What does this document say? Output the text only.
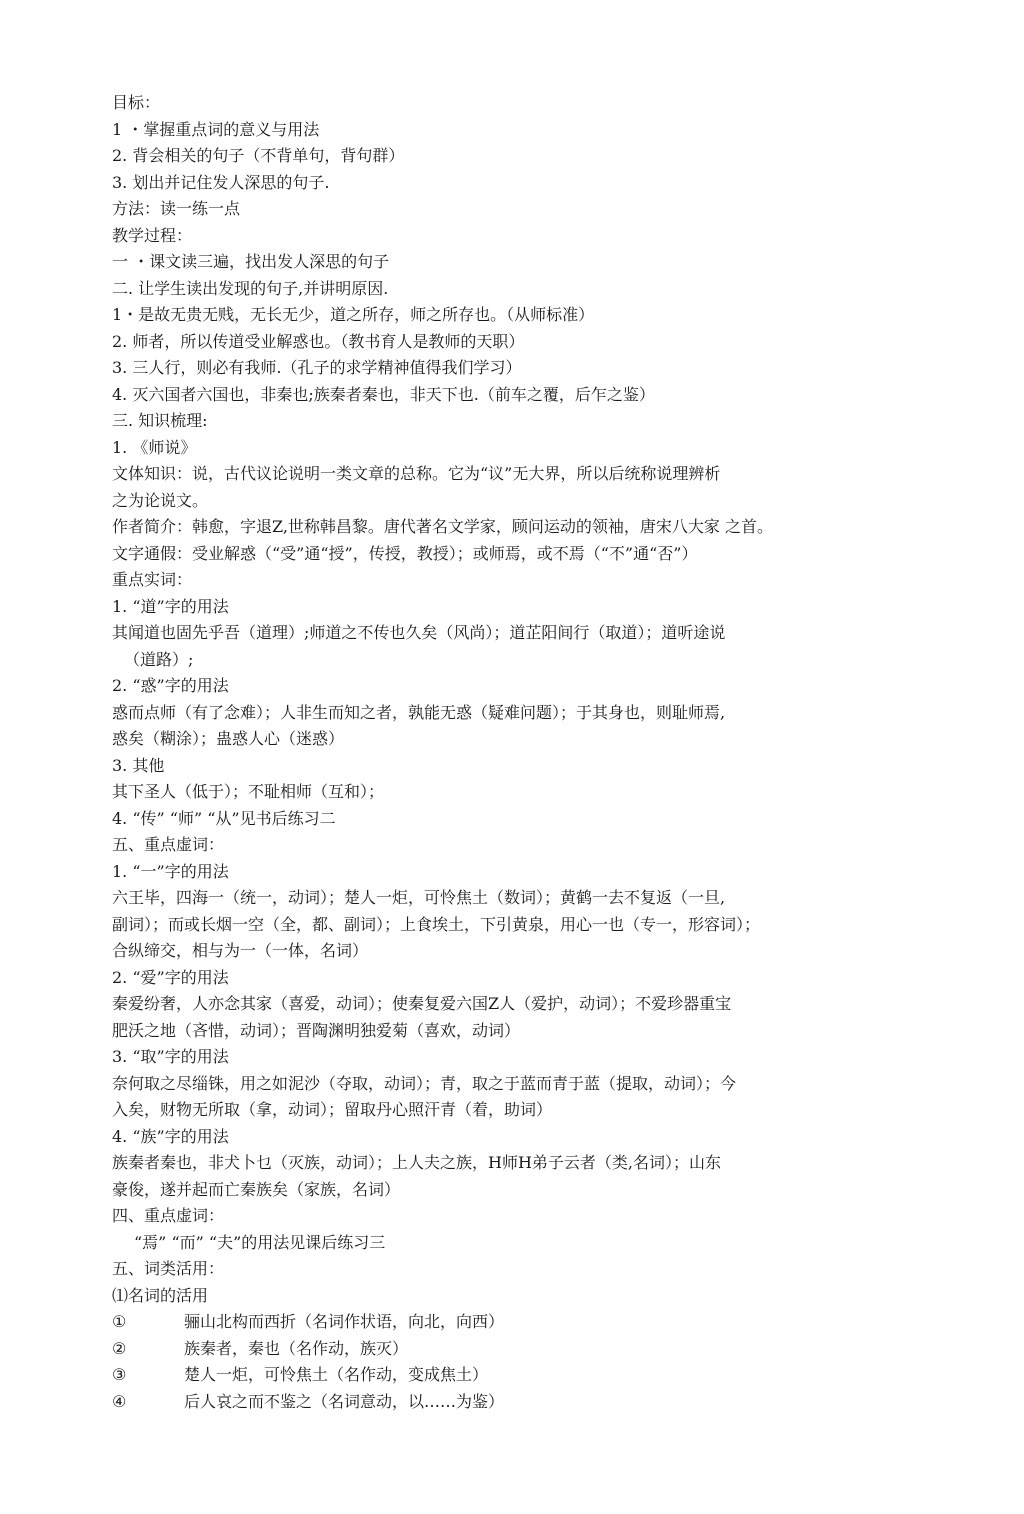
目标：
1 ・掌握重点词的意义与用法
2. 背会相关的句子（不背单句，背句群）
3. 划出并记住发人深思的句子.
方法：读一练一点
教学过程：
一 ・课文读三遍，找出发人深思的句子
二. 让学生读出发现的句子,并讲明原因.
1・是故无贵无贱，无长无少，道之所存，师之所存也。（从师标准）
2. 师者，所以传道受业解惑也。（教书育人是教师的天职）
3. 三人行，则必有我师.（孔子的求学精神值得我们学习）
4. 灭六国者六国也，非秦也;族秦者秦也，非天下也.（前车之覆，后乍之鉴）
三. 知识梳理:
1. 《师说》
文体知识：说，古代议论说明一类文章的总称。它为“议”无大界，所以后统称说理辨析
之为论说文。
作者简介：韩愈，字退Z,世称韩昌黎。唐代著名文学家，顾问运动的领袖，唐宋八大家 之首。
文字通假：受业解惑（“受”通“授”，传授，教授）；或师焉，或不焉（“不”通“否”）
重点实词：
1. “道”字的用法
其闻道也固先乎吾（道理）;师道之不传也久矣（风尚）；道芷阳间行（取道）；道听途说
（道路）;
2. “惑”字的用法
惑而点师（有了念难）；人非生而知之者，孰能无惑（疑难问题）；于其身也，则耻师焉,
惑矣（糊涂）；蛊惑人心（迷惑）
3. 其他
其下圣人（低于）；不耻相师（互和）；
4. “传” “师” “从”见书后练习二
五、重点虚词：
1. “一”字的用法
六王毕，四海一（统一，动词）；楚人一炬，可怜焦土（数词）；黄鹤一去不复返（一旦,
副词）；而或长烟一空（全，都、副词）；上食埃土，下引黄泉，用心一也（专一，形容词）；
合纵缔交，相与为一（一体，名词）
2. “爱”字的用法
秦爱纷奢，人亦念其家（喜爱，动词）；使秦复爱六国Z人（爱护，动词）；不爱珍器重宝
肥沃之地（吝惜，动词）；晋陶渊明独爱菊（喜欢，动词）
3. “取”字的用法
奈何取之尽缁铢，用之如泥沙（夺取，动词）；青，取之于蓝而青于蓝（提取，动词）；今
入矣，财物无所取（拿，动词）；留取丹心照汗青（着，助词）
4. “族”字的用法
族秦者秦也，非犬卜乜（灭族，动词）；上人夫之族，H师H弟子云者（类,名词）；山东
豪俊，遂并起而亡秦族矣（家族，名词）
四、重点虚词：
“焉” “而” “夫”的用法见课后练习三
五、词类活用：
⑴名词的活用
①	骊山北构而西折（名词作状语，向北，向西）
②	族秦者，秦也（名作动，族灭）
③	楚人一炬，可怜焦土（名作动，变成焦土）
④	后人哀之而不鉴之（名词意动，以……为鉴）
